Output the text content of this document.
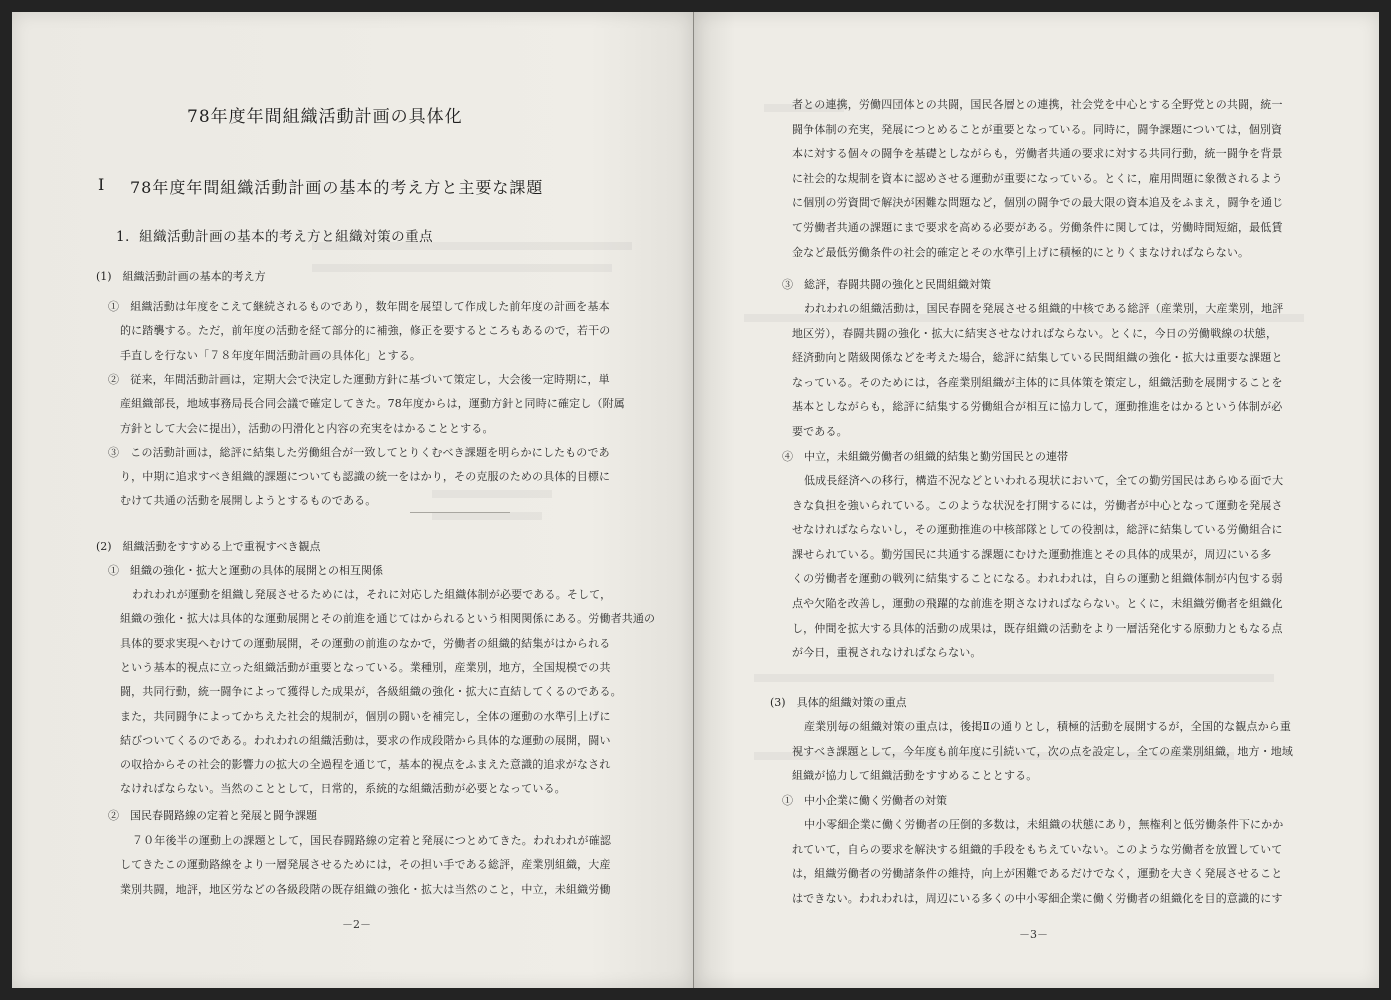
78年度年間組織活動計画の具体化
I 78年度年間組織活動計画の基本的考え方と主要な課題
1．組織活動計画の基本的考え方と組織対策の重点
(1)　組織活動計画の基本的考え方
①　組織活動は年度をこえて継続されるものであり，数年間を展望して作成した前年度の計画を基本
的に踏襲する。ただ，前年度の活動を経て部分的に補強，修正を要するところもあるので，若干の
手直しを行ない「７８年度年間活動計画の具体化」とする。
②　従来，年間活動計画は，定期大会で決定した運動方針に基づいて策定し，大会後一定時期に，単
産組織部長，地域事務局長合同会議で確定してきた。78年度からは，運動方針と同時に確定し（附属
方針として大会に提出），活動の円滑化と内容の充実をはかることとする。
③　この活動計画は，総評に結集した労働組合が一致してとりくむべき課題を明らかにしたものであ
り，中期に追求すべき組織的課題についても認識の統一をはかり，その克服のための具体的目標に
むけて共通の活動を展開しようとするものである。
(2)　組織活動をすすめる上で重視すべき観点
①　組織の強化・拡大と運動の具体的展開との相互関係
われわれが運動を組織し発展させるためには，それに対応した組織体制が必要である。そして，
組織の強化・拡大は具体的な運動展開とその前進を通じてはかられるという相関関係にある。労働者共通の
具体的要求実現へむけての運動展開，その運動の前進のなかで，労働者の組織的結集がはかられる
という基本的視点に立った組織活動が重要となっている。業種別，産業別，地方，全国規模での共
闘，共同行動，統一闘争によって獲得した成果が，各級組織の強化・拡大に直結してくるのである。
また，共同闘争によってかちえた社会的規制が，個別の闘いを補完し，全体の運動の水準引上げに
結びついてくるのである。われわれの組織活動は，要求の作成段階から具体的な運動の展開，闘い
の収拾からその社会的影響力の拡大の全過程を通じて，基本的視点をふまえた意識的追求がなされ
なければならない。当然のこととして，日常的，系統的な組織活動が必要となっている。
②　国民春闘路線の定着と発展と闘争課題
７０年後半の運動上の課題として，国民春闘路線の定着と発展につとめてきた。われわれが確認
してきたこの運動路線をより一層発展させるためには，その担い手である総評，産業別組織，大産
業別共闘，地評，地区労などの各級段階の既存組織の強化・拡大は当然のこと，中立，未組織労働
－2－
者との連携，労働四団体との共闘，国民各層との連携，社会党を中心とする全野党との共闘，統一
闘争体制の充実，発展につとめることが重要となっている。同時に，闘争課題については，個別資
本に対する個々の闘争を基礎としながらも，労働者共通の要求に対する共同行動，統一闘争を背景
に社会的な規制を資本に認めさせる運動が重要になっている。とくに，雇用問題に象徴されるよう
に個別の労資間で解決が困難な問題など，個別の闘争での最大限の資本追及をふまえ，闘争を通じ
て労働者共通の課題にまで要求を高める必要がある。労働条件に関しては，労働時間短縮，最低賃
金など最低労働条件の社会的確定とその水準引上げに積極的にとりくまなければならない。
③　総評，春闘共闘の強化と民間組織対策
われわれの組織活動は，国民春闘を発展させる組織的中核である総評（産業別，大産業別，地評
地区労），春闘共闘の強化・拡大に結実させなければならない。とくに，今日の労働戦線の状態，
経済動向と階級関係などを考えた場合，総評に結集している民間組織の強化・拡大は重要な課題と
なっている。そのためには，各産業別組織が主体的に具体策を策定し，組織活動を展開することを
基本としながらも，総評に結集する労働組合が相互に協力して，運動推進をはかるという体制が必
要である。
④　中立，未組織労働者の組織的結集と勤労国民との連帯
低成長経済への移行，構造不況などといわれる現状において，全ての勤労国民はあらゆる面で大
きな負担を強いられている。このような状況を打開するには，労働者が中心となって運動を発展さ
せなければならないし，その運動推進の中核部隊としての役割は，総評に結集している労働組合に
課せられている。勤労国民に共通する課題にむけた運動推進とその具体的成果が，周辺にいる多
くの労働者を運動の戦列に結集することになる。われわれは，自らの運動と組織体制が内包する弱
点や欠陥を改善し，運動の飛躍的な前進を期さなければならない。とくに，未組織労働者を組織化
し，仲間を拡大する具体的活動の成果は，既存組織の活動をより一層活発化する原動力ともなる点
が今日，重視されなければならない。
(3)　具体的組織対策の重点
産業別毎の組織対策の重点は，後掲Ⅱの通りとし，積極的活動を展開するが，全国的な観点から重
視すべき課題として，今年度も前年度に引続いて，次の点を設定し，全ての産業別組織，地方・地域
組織が協力して組織活動をすすめることとする。
①　中小企業に働く労働者の対策
中小零細企業に働く労働者の圧倒的多数は，未組織の状態にあり，無権利と低労働条件下にかか
れていて，自らの要求を解決する組織的手段をもちえていない。このような労働者を放置していて
は，組織労働者の労働諸条件の維持，向上が困難であるだけでなく，運動を大きく発展させること
はできない。われわれは，周辺にいる多くの中小零細企業に働く労働者の組織化を目的意識的にす
－3－
